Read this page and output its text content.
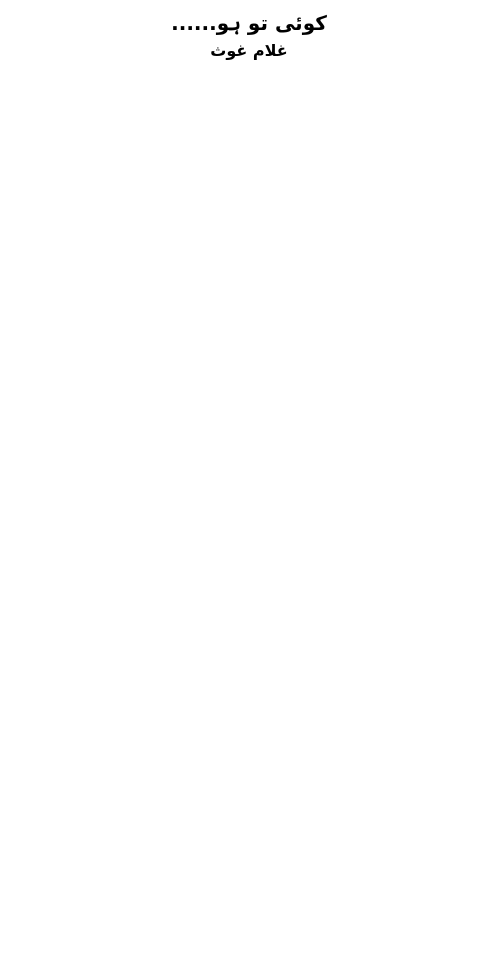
کوئی تو ہو......
غلام غوث
